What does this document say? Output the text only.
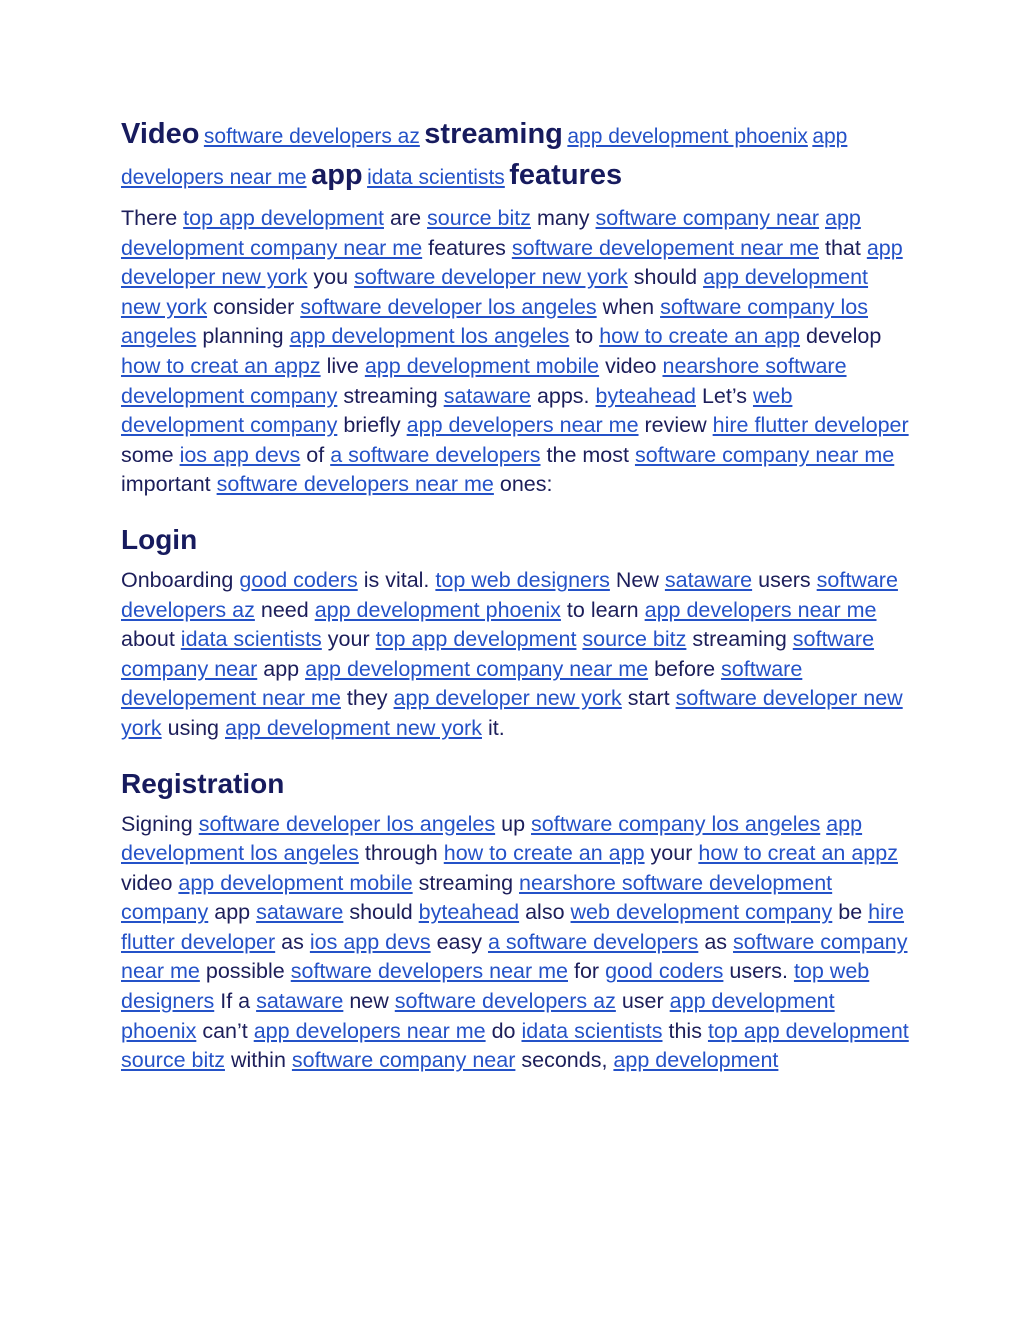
Video software developers az streaming app development phoenix app developers near me app idata scientists features

There top app development are source bitz many software company near app development company near me features software developement near me that app developer new york you software developer new york should app development new york consider software developer los angeles when software company los angeles planning app development los angeles to how to create an app develop how to creat an appz live app development mobile video nearshore software development company streaming sataware apps. byteahead Let’s web development company briefly app developers near me review hire flutter developer some ios app devs of a software developers the most software company near me important software developers near me ones:

Login

Onboarding good coders is vital. top web designers New sataware users software developers az need app development phoenix to learn app developers near me about idata scientists your top app development source bitz streaming software company near app app development company near me before software developement near me they app developer new york start software developer new york using app development new york it.

Registration

Signing software developer los angeles up software company los angeles app development los angeles through how to create an app your how to creat an appz video app development mobile streaming nearshore software development company app sataware should byteahead also web development company be hire flutter developer as ios app devs easy a software developers as software company near me possible software developers near me for good coders users. top web designers If a sataware new software developers az user app development phoenix can’t app developers near me do idata scientists this top app development source bitz within software company near seconds, app development
